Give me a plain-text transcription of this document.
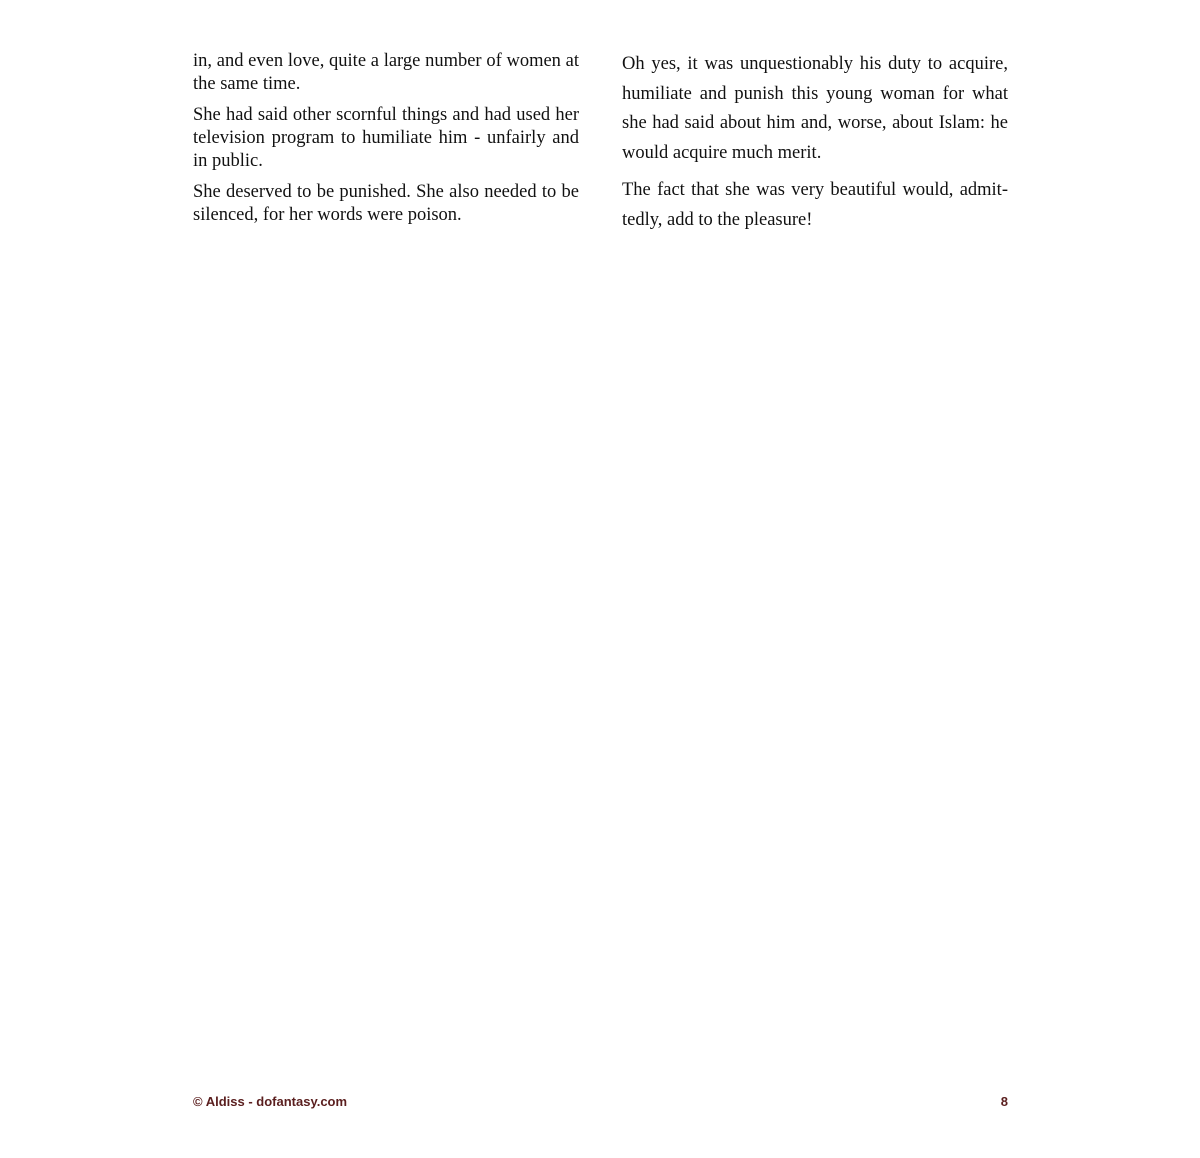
in, and even love, quite a large number of women at the same time.

She had said other scornful things and had used her television program to humiliate him - unfairly and in public.

She deserved to be punished. She also needed to be silenced, for her words were poison.

Oh yes, it was unquestionably his duty to acquire, humiliate and punish this young woman for what she had said about him and, worse, about Islam: he would acquire much merit.

The fact that she was very beautiful would, admittedly, add to the pleasure!

© Aldiss - dofantasy.com	8
